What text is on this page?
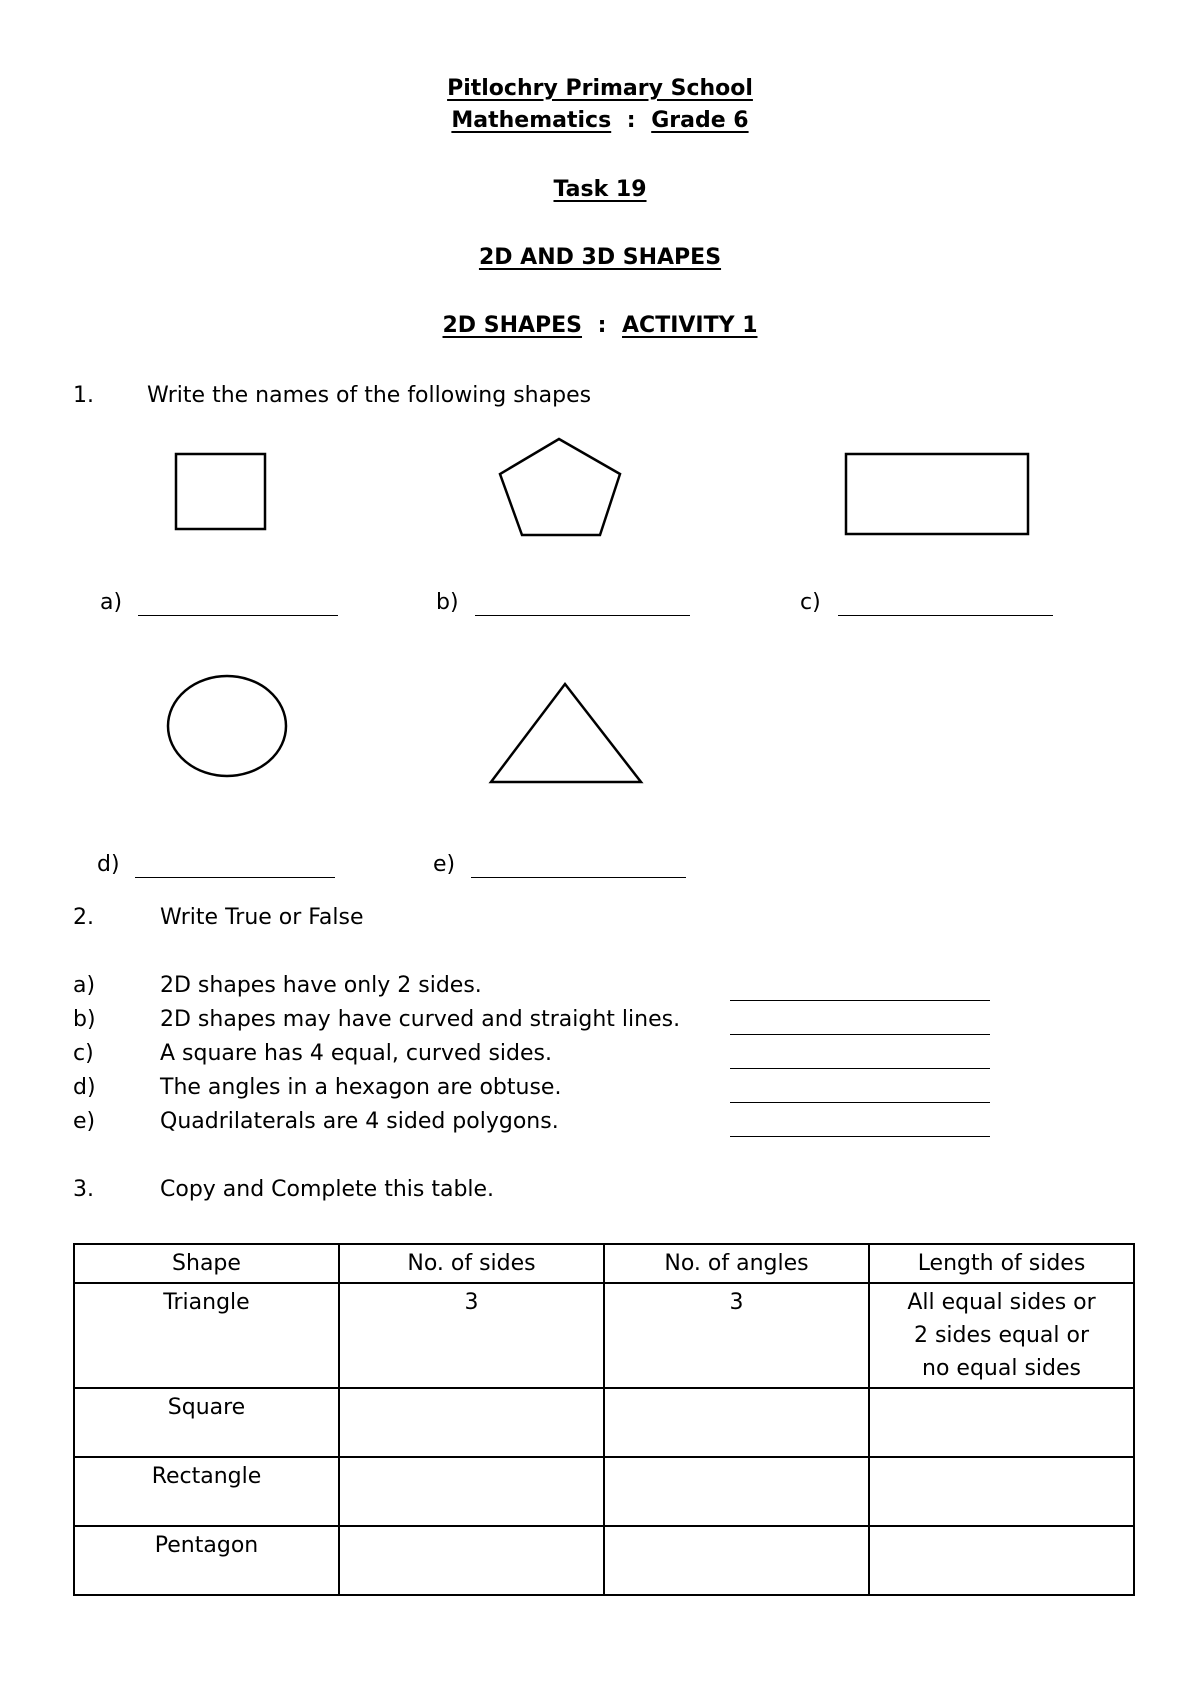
Pitlochry Primary School
Mathematics : Grade 6
Task 19
2D AND 3D SHAPES
2D SHAPES : ACTIVITY 1
1. Write the names of the following shapes
a)	b)	c)
d)	e)
2.	Write True or False
a)	2D shapes have only 2 sides.
b)	2D shapes may have curved and straight lines.
c)	A square has 4 equal, curved sides.
d)	The angles in a hexagon are obtuse.
e)	Quadrilaterals are 4 sided polygons.
3.	Copy and Complete this table.
Shape	No. of sides	No. of angles	Length of sides
Triangle	3	3	All equal sides or
2 sides equal or
no equal sides

Square			
Rectangle			
Pentagon			
